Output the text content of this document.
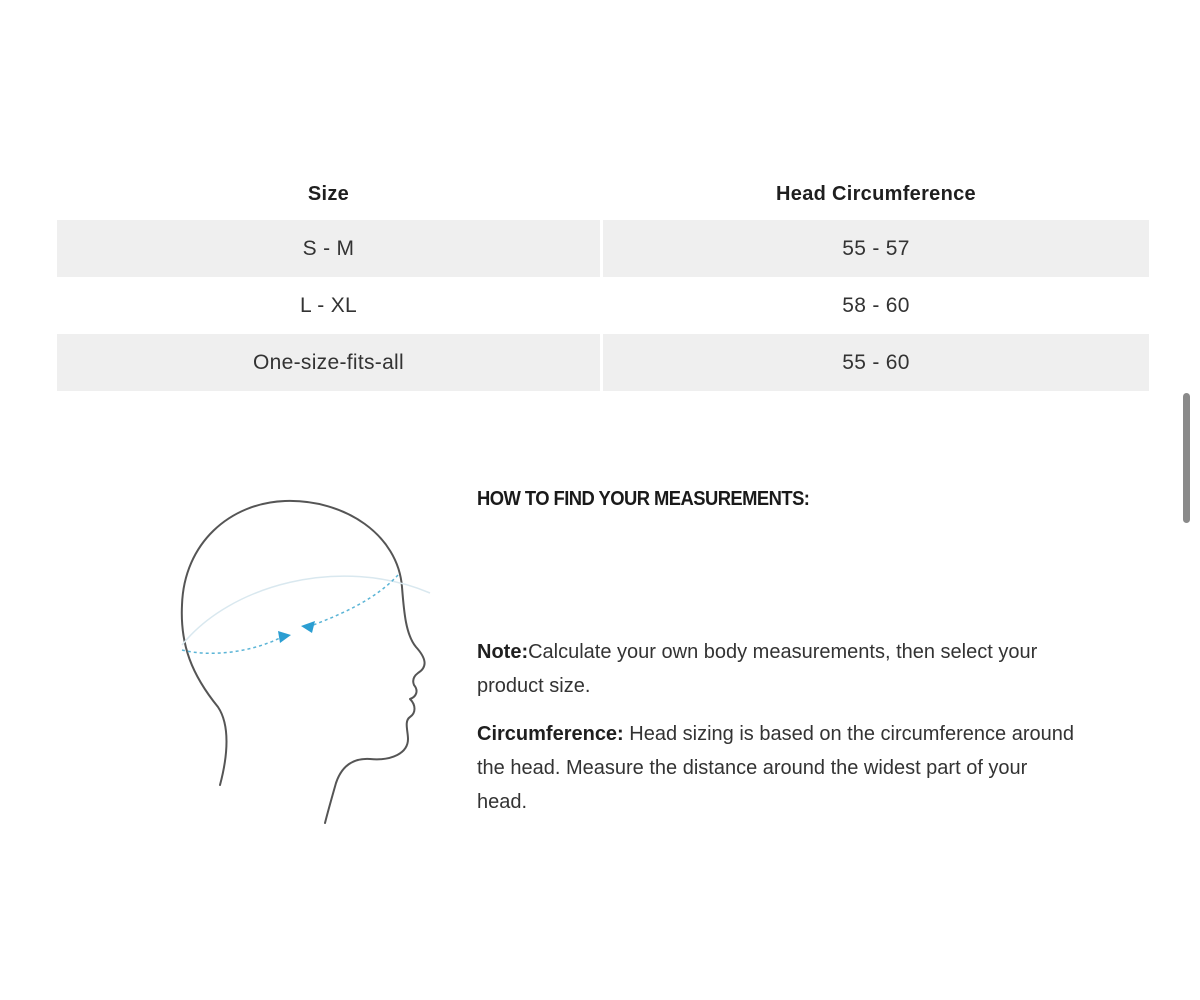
Size	Head Circumference
S - M	55 - 57
L - XL	58 - 60
One-size-fits-all	55 - 60
HOW TO FIND YOUR MEASUREMENTS:
Note:Calculate your own body measurements, then select your product size.
Circumference: Head sizing is based on the circumference around the head. Measure the distance around the widest part of your head.
